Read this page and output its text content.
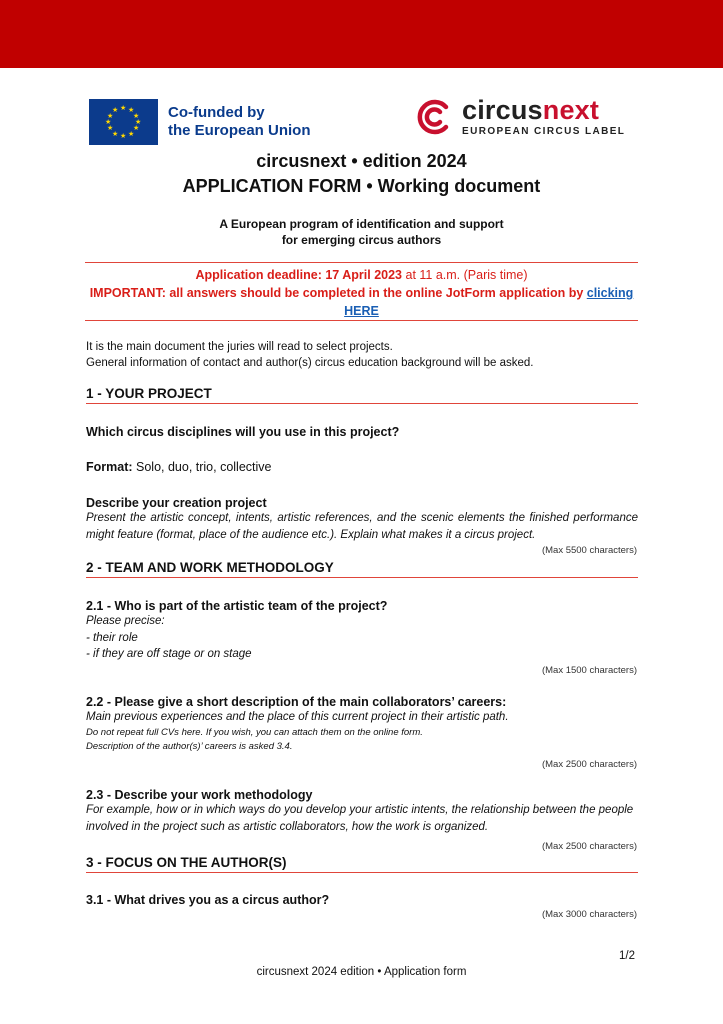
★ ★
★
★
★
★
★
★
★
★
★
★	Co-funded by
the European Union
circusnext
EUROPEAN CIRCUS LABEL
circusnext • edition 2024
APPLICATION FORM • Working document
A European program of identification and support
for emerging circus authors
Application deadline: 17 April 2023 at 11 a.m. (Paris time)
IMPORTANT: all answers should be completed in the online JotForm application by clicking HERE
It is the main document the juries will read to select projects.
General information of contact and author(s) circus education background will be asked.
1 - YOUR PROJECT
Which circus disciplines will you use in this project?
Format: Solo, duo, trio, collective
Describe your creation project
Present the artistic concept, intents, artistic references, and the scenic elements the finished performance might feature (format, place of the audience etc.). Explain what makes it a circus project.
(Max 5500 characters)
2 - TEAM AND WORK METHODOLOGY
2.1 - Who is part of the artistic team of the project?
Please precise:
- their role
- if they are off stage or on stage
(Max 1500 characters)
2.2 - Please give a short description of the main collaborators’ careers:
Main previous experiences and the place of this current project in their artistic path.
Do not repeat full CVs here. If you wish, you can attach them on the online form.
Description of the author(s)’ careers is asked 3.4.
(Max 2500 characters)
2.3 - Describe your work methodology
For example, how or in which ways do you develop your artistic intents, the relationship between the people involved in the project such as artistic collaborators, how the work is organized.
(Max 2500 characters)
3 - FOCUS ON THE AUTHOR(S)
3.1 - What drives you as a circus author?
(Max 3000 characters)
1/2
circusnext 2024 edition • Application form
